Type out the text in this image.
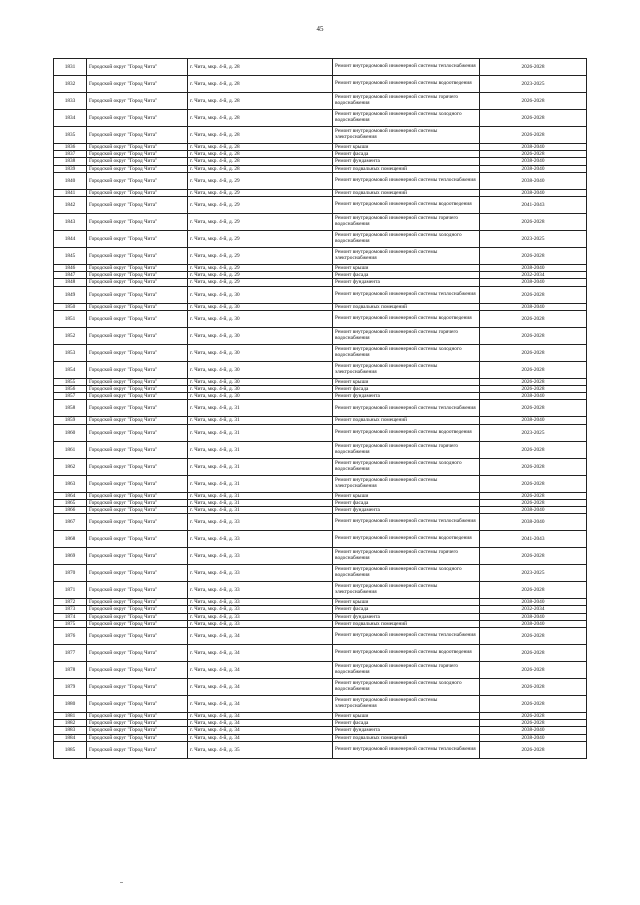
45
1831	Городской округ "Город Чита"	г. Чита, мкр. 4-й, д. 28	Ремонт внутридомовой инженерной системы теплоснабжения	2026-2028
1832	Городской округ "Город Чита"	г. Чита, мкр. 4-й, д. 28	Ремонт внутридомовой инженерной системы водоотведения	2023-2025
1833	Городской округ "Город Чита"	г. Чита, мкр. 4-й, д. 28	Ремонт внутридомовой инженерной системы горячего водоснабжения	2026-2028
1834	Городской округ "Город Чита"	г. Чита, мкр. 4-й, д. 28	Ремонт внутридомовой инженерной системы холодного водоснабжения	2026-2028
1835	Городской округ "Город Чита"	г. Чита, мкр. 4-й, д. 28	Ремонт внутридомовой инженерной системы электроснабжения	2026-2028
1836	Городской округ "Город Чита"	г. Чита, мкр. 4-й, д. 28	Ремонт крыши	2038-2040
1837	Городской округ "Город Чита"	г. Чита, мкр. 4-й, д. 28	Ремонт фасада	2026-2028
1838	Городской округ "Город Чита"	г. Чита, мкр. 4-й, д. 28	Ремонт фундамента	2038-2040
1839	Городской округ "Город Чита"	г. Чита, мкр. 4-й, д. 28	Ремонт подвальных помещений	2038-2040
1840	Городской округ "Город Чита"	г. Чита, мкр. 4-й, д. 29	Ремонт внутридомовой инженерной системы теплоснабжения	2038-2040
1841	Городской округ "Город Чита"	г. Чита, мкр. 4-й, д. 29	Ремонт подвальных помещений	2038-2040
1842	Городской округ "Город Чита"	г. Чита, мкр. 4-й, д. 29	Ремонт внутридомовой инженерной системы водоотведения	2041-2043
1843	Городской округ "Город Чита"	г. Чита, мкр. 4-й, д. 29	Ремонт внутридомовой инженерной системы горячего водоснабжения	2026-2028
1844	Городской округ "Город Чита"	г. Чита, мкр. 4-й, д. 29	Ремонт внутридомовой инженерной системы холодного водоснабжения	2023-2025
1845	Городской округ "Город Чита"	г. Чита, мкр. 4-й, д. 29	Ремонт внутридомовой инженерной системы электроснабжения	2026-2028
1846	Городской округ "Город Чита"	г. Чита, мкр. 4-й, д. 29	Ремонт крыши	2038-2040
1847	Городской округ "Город Чита"	г. Чита, мкр. 4-й, д. 29	Ремонт фасада	2032-2034
1848	Городской округ "Город Чита"	г. Чита, мкр. 4-й, д. 29	Ремонт фундамента	2038-2040
1849	Городской округ "Город Чита"	г. Чита, мкр. 4-й, д. 30	Ремонт внутридомовой инженерной системы теплоснабжения	2026-2028
1850	Городской округ "Город Чита"	г. Чита, мкр. 4-й, д. 30	Ремонт подвальных помещений	2038-2040
1851	Городской округ "Город Чита"	г. Чита, мкр. 4-й, д. 30	Ремонт внутридомовой инженерной системы водоотведения	2026-2028
1852	Городской округ "Город Чита"	г. Чита, мкр. 4-й, д. 30	Ремонт внутридомовой инженерной системы горячего водоснабжения	2026-2028
1853	Городской округ "Город Чита"	г. Чита, мкр. 4-й, д. 30	Ремонт внутридомовой инженерной системы холодного водоснабжения	2026-2028
1854	Городской округ "Город Чита"	г. Чита, мкр. 4-й, д. 30	Ремонт внутридомовой инженерной системы электроснабжения	2026-2028
1855	Городской округ "Город Чита"	г. Чита, мкр. 4-й, д. 30	Ремонт крыши	2026-2028
1856	Городской округ "Город Чита"	г. Чита, мкр. 4-й, д. 30	Ремонт фасада	2026-2028
1857	Городской округ "Город Чита"	г. Чита, мкр. 4-й, д. 30	Ремонт фундамента	2038-2040
1858	Городской округ "Город Чита"	г. Чита, мкр. 4-й, д. 31	Ремонт внутридомовой инженерной системы теплоснабжения	2026-2028
1859	Городской округ "Город Чита"	г. Чита, мкр. 4-й, д. 31	Ремонт подвальных помещений	2038-2040
1860	Городской округ "Город Чита"	г. Чита, мкр. 4-й, д. 31	Ремонт внутридомовой инженерной системы водоотведения	2023-2025
1861	Городской округ "Город Чита"	г. Чита, мкр. 4-й, д. 31	Ремонт внутридомовой инженерной системы горячего водоснабжения	2026-2028
1862	Городской округ "Город Чита"	г. Чита, мкр. 4-й, д. 31	Ремонт внутридомовой инженерной системы холодного водоснабжения	2026-2028
1863	Городской округ "Город Чита"	г. Чита, мкр. 4-й, д. 31	Ремонт внутридомовой инженерной системы электроснабжения	2026-2028
1864	Городской округ "Город Чита"	г. Чита, мкр. 4-й, д. 31	Ремонт крыши	2026-2028
1865	Городской округ "Город Чита"	г. Чита, мкр. 4-й, д. 31	Ремонт фасада	2026-2028
1866	Городской округ "Город Чита"	г. Чита, мкр. 4-й, д. 31	Ремонт фундамента	2038-2040
1867	Городской округ "Город Чита"	г. Чита, мкр. 4-й, д. 33	Ремонт внутридомовой инженерной системы теплоснабжения	2038-2040
1868	Городской округ "Город Чита"	г. Чита, мкр. 4-й, д. 33	Ремонт внутридомовой инженерной системы водоотведения	2041-2043
1869	Городской округ "Город Чита"	г. Чита, мкр. 4-й, д. 33	Ремонт внутридомовой инженерной системы горячего водоснабжения	2026-2028
1870	Городской округ "Город Чита"	г. Чита, мкр. 4-й, д. 33	Ремонт внутридомовой инженерной системы холодного водоснабжения	2023-2025
1871	Городской округ "Город Чита"	г. Чита, мкр. 4-й, д. 33	Ремонт внутридомовой инженерной системы электроснабжения	2026-2028
1872	Городской округ "Город Чита"	г. Чита, мкр. 4-й, д. 33	Ремонт крыши	2038-2040
1873	Городской округ "Город Чита"	г. Чита, мкр. 4-й, д. 33	Ремонт фасада	2032-2034
1874	Городской округ "Город Чита"	г. Чита, мкр. 4-й, д. 33	Ремонт фундамента	2038-2040
1875	Городской округ "Город Чита"	г. Чита, мкр. 4-й, д. 33	Ремонт подвальных помещений	2038-2040
1876	Городской округ "Город Чита"	г. Чита, мкр. 4-й, д. 34	Ремонт внутридомовой инженерной системы теплоснабжения	2026-2028
1877	Городской округ "Город Чита"	г. Чита, мкр. 4-й, д. 34	Ремонт внутридомовой инженерной системы водоотведения	2026-2028
1878	Городской округ "Город Чита"	г. Чита, мкр. 4-й, д. 34	Ремонт внутридомовой инженерной системы горячего водоснабжения	2026-2028
1879	Городской округ "Город Чита"	г. Чита, мкр. 4-й, д. 34	Ремонт внутридомовой инженерной системы холодного водоснабжения	2026-2028
1880	Городской округ "Город Чита"	г. Чита, мкр. 4-й, д. 34	Ремонт внутридомовой инженерной системы электроснабжения	2026-2028
1881	Городской округ "Город Чита"	г. Чита, мкр. 4-й, д. 34	Ремонт крыши	2026-2028
1882	Городской округ "Город Чита"	г. Чита, мкр. 4-й, д. 34	Ремонт фасада	2026-2028
1883	Городской округ "Город Чита"	г. Чита, мкр. 4-й, д. 34	Ремонт фундамента	2038-2040
1884	Городской округ "Город Чита"	г. Чита, мкр. 4-й, д. 34	Ремонт подвальных помещений	2038-2040
1885	Городской округ "Город Чита"	г. Чита, мкр. 4-й, д. 35	Ремонт внутридомовой инженерной системы теплоснабжения	2026-2028
